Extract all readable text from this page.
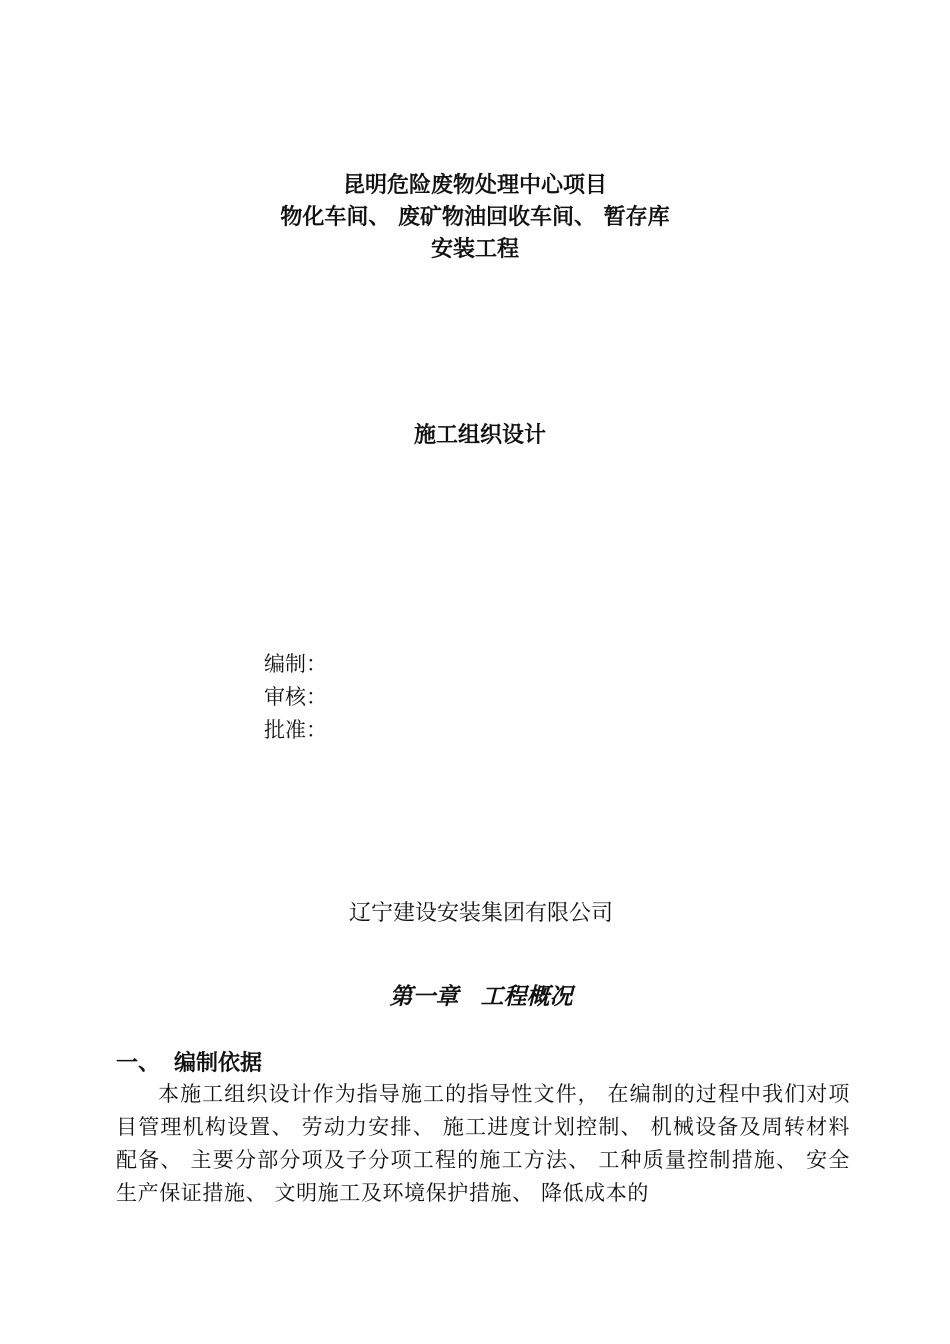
昆明危险废物处理中心项目
物化车间、 废矿物油回收车间、 暂存库
安装工程
施工组织设计
编制：
审核：
批准：
辽宁建设安装集团有限公司
第一章 工程概况
一、 编制依据

本施工组织设计作为指导施工的指导性文件， 在编制的过程中我们对项目管理机构设置、 劳动力安排、 施工进度计划控制、 机械设备及周转材料配备、 主要分部分项及子分项工程的施工方法、 工种质量控制措施、 安全生产保证措施、 文明施工及环境保护措施、 降低成本的
